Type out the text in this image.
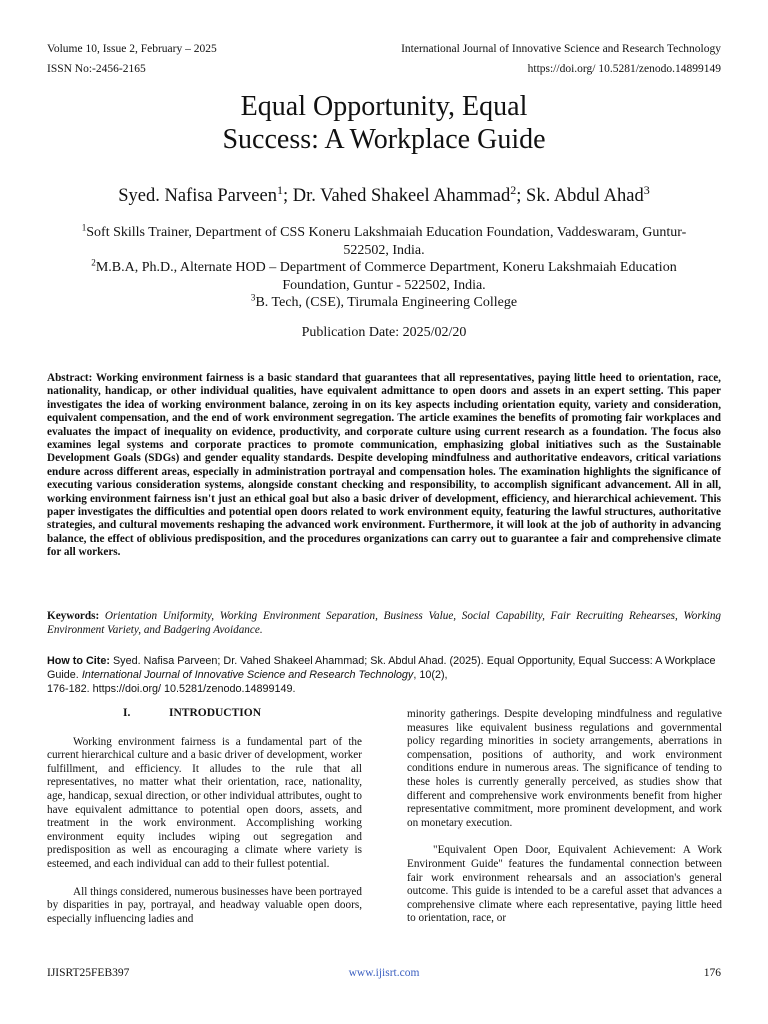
Volume 10, Issue 2, February – 2025	International Journal of Innovative Science and Research Technology
ISSN No:-2456-2165	https://doi.org/ 10.5281/zenodo.14899149
Equal Opportunity, Equal
Success: A Workplace Guide
Syed. Nafisa Parveen$^1$; Dr. Vahed Shakeel Ahammad$^2$; Sk. Abdul Ahad$^3$
$^1$Soft Skills Trainer, Department of CSS Koneru Lakshmaiah Education Foundation, Vaddeswaram, Guntur-522502, India.
$^2$M.B.A, Ph.D., Alternate HOD – Department of Commerce Department, Koneru Lakshmaiah Education Foundation, Guntur - 522502, India.
$^3$B. Tech, (CSE), Tirumala Engineering College
Publication Date: 2025/02/20
Abstract: Working environment fairness is a basic standard that guarantees that all representatives, paying little heed to orientation, race, nationality, handicap, or other individual qualities, have equivalent admittance to open doors and assets in an expert setting. This paper investigates the idea of working environment balance, zeroing in on its key aspects including orientation equity, variety and consideration, equivalent compensation, and the end of work environment segregation. The article examines the benefits of promoting fair workplaces and evaluates the impact of inequality on evidence, productivity, and corporate culture using current research as a foundation. The focus also examines legal systems and corporate practices to promote communication, emphasizing global initiatives such as the Sustainable Development Goals (SDGs) and gender equality standards. Despite developing mindfulness and authoritative endeavors, critical variations endure across different areas, especially in administration portrayal and compensation holes. The examination highlights the significance of executing various consideration systems, alongside constant checking and responsibility, to accomplish significant advancement. All in all, working environment fairness isn't just an ethical goal but also a basic driver of development, efficiency, and hierarchical achievement. This paper investigates the difficulties and potential open doors related to work environment equity, featuring the lawful structures, authoritative strategies, and cultural movements reshaping the advanced work environment. Furthermore, it will look at the job of authority in advancing balance, the effect of oblivious predisposition, and the procedures organizations can carry out to guarantee a fair and comprehensive climate for all workers.
Keywords: Orientation Uniformity, Working Environment Separation, Business Value, Social Capability, Fair Recruiting Rehearses, Working Environment Variety, and Badgering Avoidance.
How to Cite: Syed. Nafisa Parveen; Dr. Vahed Shakeel Ahammad; Sk. Abdul Ahad. (2025). Equal Opportunity, Equal Success: A Workplace Guide. International Journal of Innovative Science and Research Technology, 10(2),
176-182. https://doi.org/ 10.5281/zenodo.14899149.
I.	INTRODUCTION

Working environment fairness is a fundamental part of the current hierarchical culture and a basic driver of development, worker fulfillment, and efficiency. It alludes to the rule that all representatives, no matter what their orientation, race, nationality, age, handicap, sexual direction, or other individual attributes, ought to have equivalent admittance to potential open doors, assets, and treatment in the work environment. Accomplishing working environment equity includes wiping out segregation and predisposition as well as encouraging a climate where variety is esteemed, and each individual can add to their fullest potential.

All things considered, numerous businesses have been portrayed by disparities in pay, portrayal, and headway valuable open doors, especially influencing ladies and

minority gatherings. Despite developing mindfulness and regulative measures like equivalent business regulations and governmental policy regarding minorities in society arrangements, aberrations in compensation, positions of authority, and work environment conditions endure in numerous areas. The significance of tending to these holes is currently generally perceived, as studies show that different and comprehensive work environments benefit from higher representative commitment, more prominent development, and work on monetary execution.

"Equivalent Open Door, Equivalent Achievement: A Work Environment Guide" features the fundamental connection between fair work environment rehearsals and an association's general outcome. This guide is intended to be a careful asset that advances a comprehensive climate where each representative, paying little heed to orientation, race, or

IJISRT25FEB397	www.ijisrt.com	176
